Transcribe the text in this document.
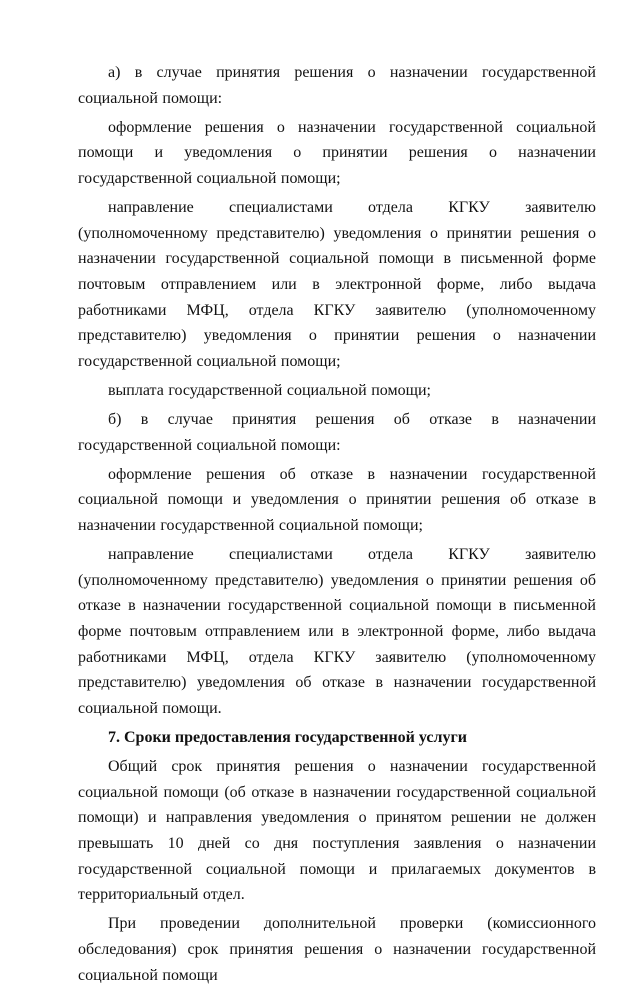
а) в случае принятия решения о назначении государственной социальной помощи:

оформление решения о назначении государственной социальной помощи и уведомления о принятии решения о назначении государственной социальной помощи;

направление специалистами отдела КГКУ заявителю (уполномоченному представителю) уведомления о принятии решения о назначении государственной социальной помощи в письменной форме почтовым отправлением или в электронной форме, либо выдача работниками МФЦ, отдела КГКУ заявителю (уполномоченному представителю) уведомления о принятии решения о назначении государственной социальной помощи;

выплата государственной социальной помощи;

б) в случае принятия решения об отказе в назначении государственной социальной помощи:

оформление решения об отказе в назначении государственной социальной помощи и уведомления о принятии решения об отказе в назначении государственной социальной помощи;

направление специалистами отдела КГКУ заявителю (уполномоченному представителю) уведомления о принятии решения об отказе в назначении государственной социальной помощи в письменной форме почтовым отправлением или в электронной форме, либо выдача работниками МФЦ, отдела КГКУ заявителю (уполномоченному представителю) уведомления об отказе в назначении государственной социальной помощи.

7. Сроки предоставления государственной услуги

Общий срок принятия решения о назначении государственной социальной помощи (об отказе в назначении государственной социальной помощи) и направления уведомления о принятом решении не должен превышать 10 дней со дня поступления заявления о назначении государственной социальной помощи и прилагаемых документов в территориальный отдел.

При проведении дополнительной проверки (комиссионного обследования) срок принятия решения о назначении государственной социальной помощи
